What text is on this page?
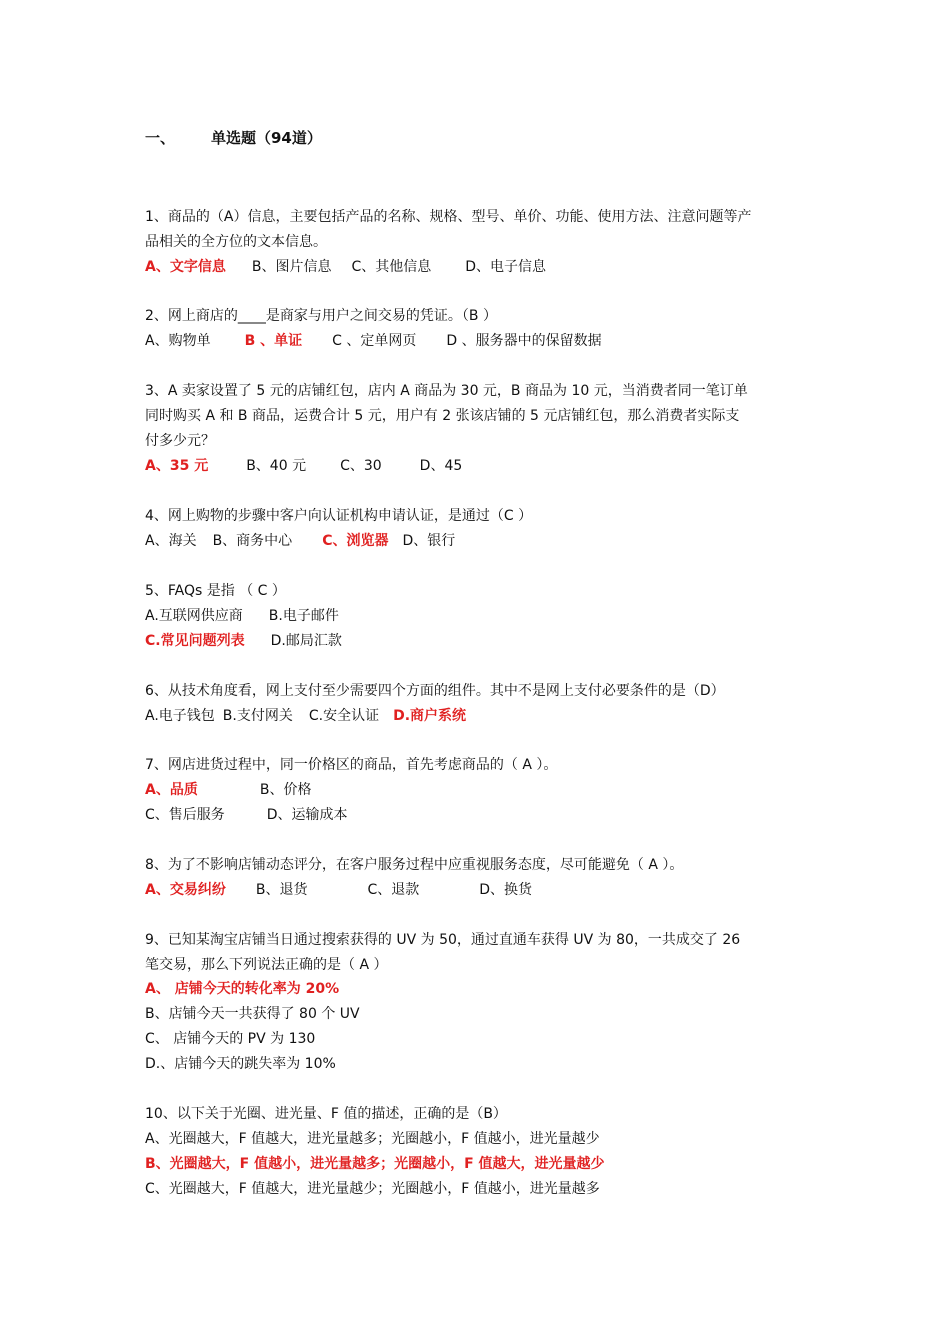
一、 单选题（94道）
1、商品的（A）信息，主要包括产品的名称、规格、型号、单价、功能、使用方法、注意问题等产
品相关的全方位的文本信息。
A、文字信息 B、图片信息 C、其他信息 D、电子信息
2、网上商店的____是商家与用户之间交易的凭证。（B ）
A、购物单 B 、单证 C 、定单网页 D 、服务器中的保留数据
3、A 卖家设置了 5 元的店铺红包，店内 A 商品为 30 元，B 商品为 10 元，当消费者同一笔订单
同时购买 A 和 B 商品，运费合计 5 元，用户有 2 张该店铺的 5 元店铺红包，那么消费者实际支
付多少元？
A、35 元	B、40 元 C、30	D、45
4、网上购物的步骤中客户向认证机构申请认证，是通过（C ）
A、海关 B、商务中心 C、浏览器 D、银行
5、FAQs 是指 （ C ）
A.互联网供应商 B.电子邮件
C.常见问题列表 D.邮局汇款
6、从技术角度看，网上支付至少需要四个方面的组件。其中不是网上支付必要条件的是（D）
A.电子钱包 B.支付网关 C.安全认证 D.商户系统
7、网店进货过程中，同一价格区的商品，首先考虑商品的（ A ）。
A、品质	B、价格
C、售后服务	D、运输成本
8、为了不影响店铺动态评分，在客户服务过程中应重视服务态度，尽可能避免（ A ）。
A、交易纠纷 B、退货	C、退款	D、换货
9、已知某淘宝店铺当日通过搜索获得的 UV 为 50，通过直通车获得 UV 为 80，一共成交了 26
笔交易，那么下列说法正确的是（ A ）
A、 店铺今天的转化率为 20%
B、店铺今天一共获得了 80 个 UV
C、 店铺今天的 PV 为 130
D.、店铺今天的跳失率为 10%
10、以下关于光圈、进光量、F 值的描述，正确的是（B）
A、光圈越大，F 值越大，进光量越多；光圈越小，F 值越小，进光量越少
B、光圈越大，F 值越小，进光量越多；光圈越小，F 值越大，进光量越少
C、光圈越大，F 值越大，进光量越少；光圈越小，F 值越小，进光量越多
